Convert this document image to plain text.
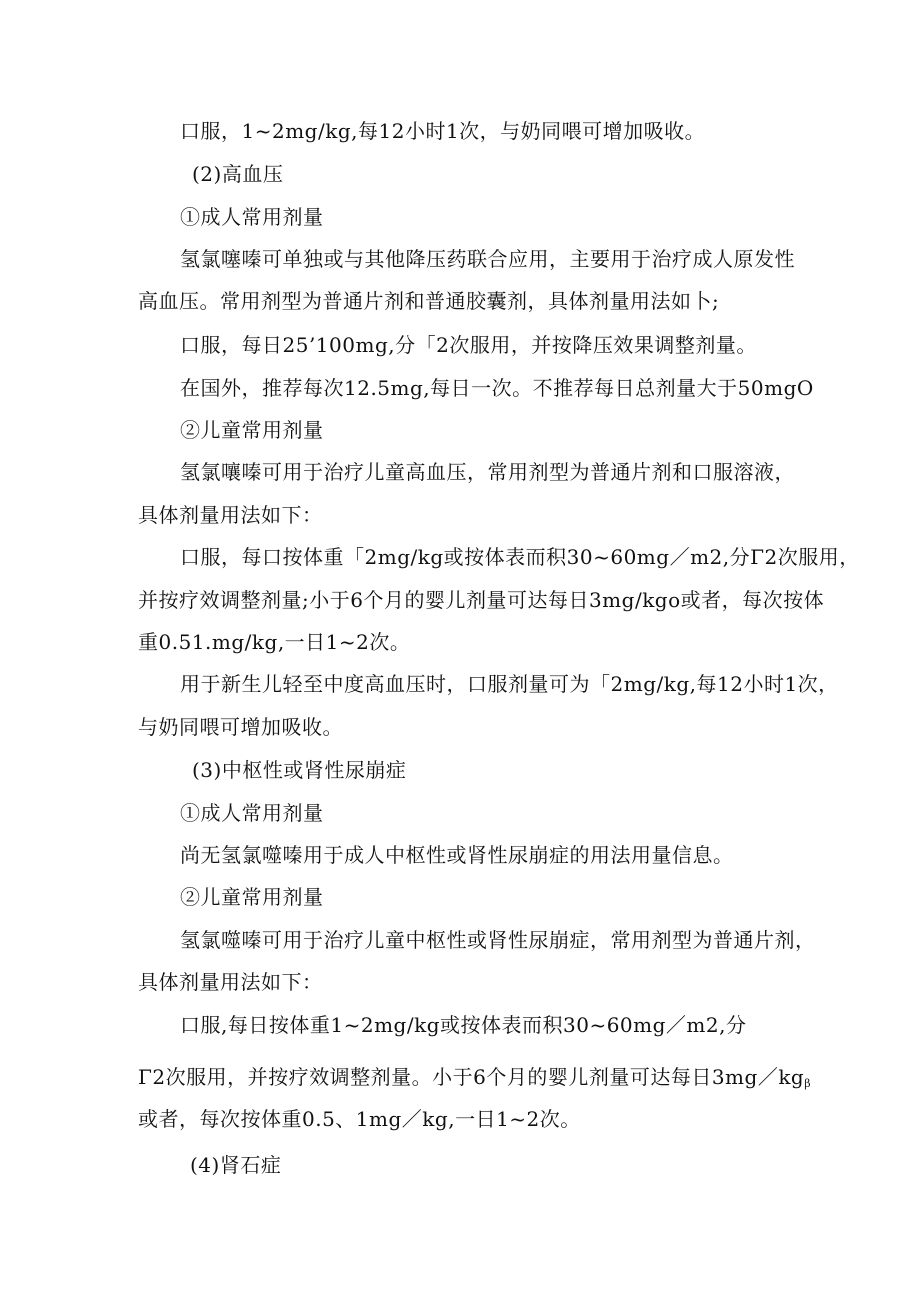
口服，1~2mg/kg,每12小时1次，与奶同喂可增加吸收。
(2)高血压
①成人常用剂量
氢氯噻嗪可单独或与其他降压药联合应用，主要用于治疗成人原发性
高血压。常用剂型为普通片剂和普通胶囊剂，具体剂量用法如卜;
口服，每日25’100mg,分「2次服用，并按降压效果调整剂量。
在国外，推荐每次12.5mg,每日一次。不推荐每日总剂量大于50mgO
②儿童常用剂量
氢氯嚷嗪可用于治疗儿童高血压，常用剂型为普通片剂和口服溶液，
具体剂量用法如下：
口服，每口按体重「2mg/kg或按体表而积30~60mg／m2,分Γ2次服用，
并按疗效调整剂量;小于6个月的婴儿剂量可达每日3mg/kgo或者，每次按体
重0.51.mg/kg,一日1~2次。
用于新生儿轻至中度高血压时，口服剂量可为「2mg/kg,每12小时1次，
与奶同喂可增加吸收。
(3)中枢性或肾性尿崩症
①成人常用剂量
尚无氢氯噬嗪用于成人中枢性或肾性尿崩症的用法用量信息。
②儿童常用剂量
氢氯噬嗪可用于治疗儿童中枢性或肾性尿崩症，常用剂型为普通片剂，
具体剂量用法如下：
口服,每日按体重1~2mg/kg或按体表而积30~60mg／m2,分
Γ2次服用，并按疗效调整剂量。小于6个月的婴儿剂量可达每日$3mg/kg_\beta$
或者，每次按体重0.5、1mg／kg,一日1~2次。
(4)肾石症
